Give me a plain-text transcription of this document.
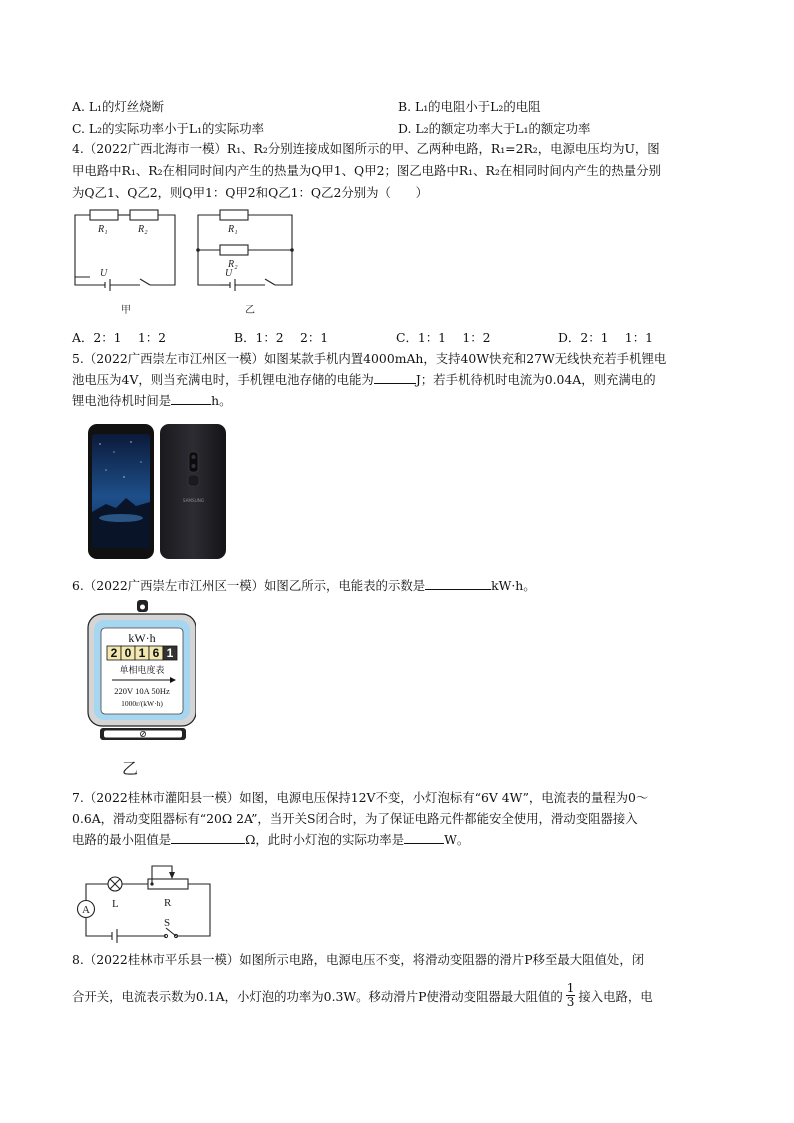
A. L₁的灯丝烧断	B. L₁的电阻小于L₂的电阻
C. L₂的实际功率小于L₁的实际功率	D. L₂的额定功率大于L₁的额定功率
4.（2022广西北海市一模）R₁、R₂分别连接成如图所示的甲、乙两种电路，R₁=2R₂，电源电压均为U，图
甲电路中R₁、R₂在相同时间内产生的热量为Q甲1、Q甲2；图乙电路中R₁、R₂在相同时间内产生的热量分别
为Q乙1、Q乙2，则Q甲1：Q甲2和Q乙1：Q乙2分别为（　　）
R₁	R₂
U
R₁
R₂
U
甲	乙
A．2：1　 1：2	B．1：2　 2：1	C．1：1　 1：2	D．2：1　 1：1
5.（2022广西崇左市江州区一模）如图某款手机内置4000mAh，支持40W快充和27W无线快充若手机锂电
池电压为4V，则当充满电时，手机锂电池存储的电能为	J；若手机待机时电流为0.04A，则充满电的
锂电池待机时间是	h。
SAMSUNG
6.（2022广西崇左市江州区一模）如图乙所示，电能表的示数是	kW·h。
kW·h
2 0 1 6 1
单相电度表
220V 10A 50Hz
1000r/(kW·h)
乙
7.（2022桂林市灌阳县一模）如图，电源电压保持12V不变，小灯泡标有“6V 4W”，电流表的量程为0～
0.6A，滑动变阻器标有“20Ω 2A”，当开关S闭合时，为了保证电路元件都能安全使用，滑动变阻器接入
电路的最小阻值是	Ω，此时小灯泡的实际功率是	W。
A L	R
S
8.（2022桂林市平乐县一模）如图所示电路，电源电压不变，将滑动变阻器的滑片P移至最大阻值处，闭
合开关，电流表示数为0.1A，小灯泡的功率为0.3W。移动滑片P使滑动变阻器最大阻值的 $\frac{1}{3}$ 接入电路，电
